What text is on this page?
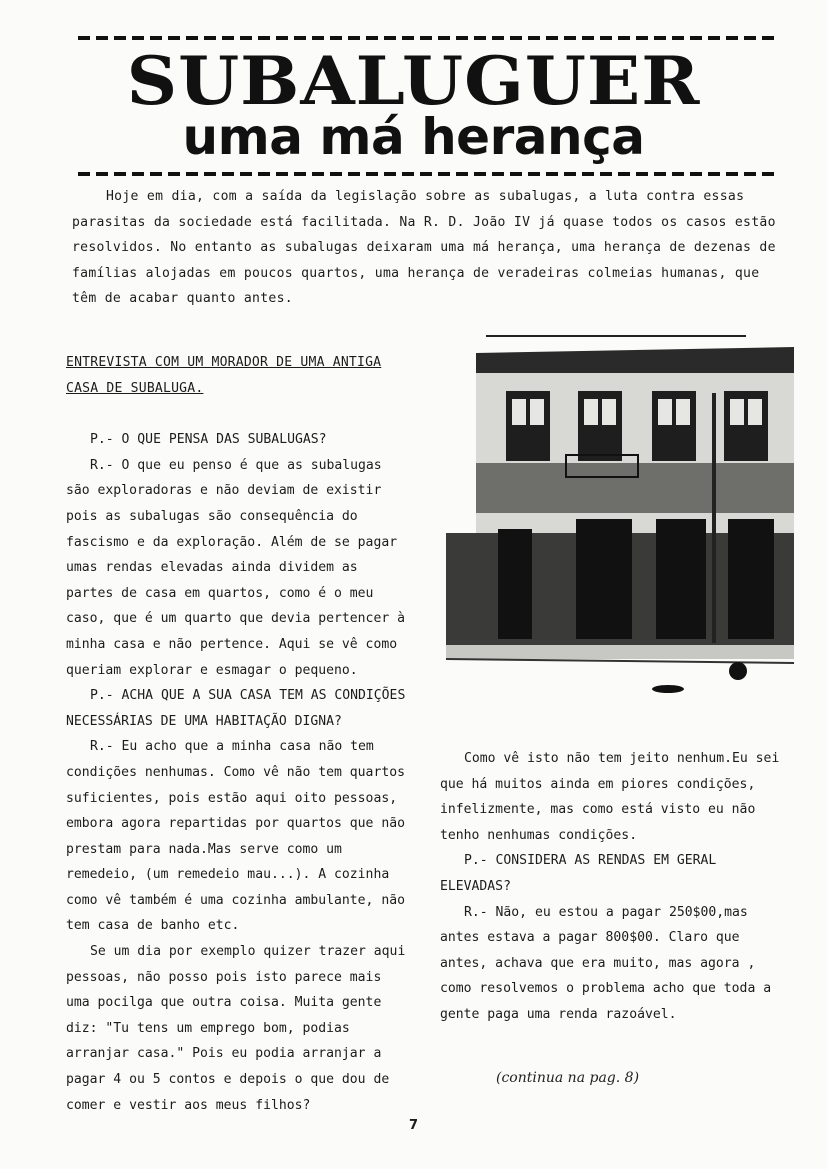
SUBALUGUER
uma má herança

Hoje em dia, com a saída da legislação sobre as subalugas, a luta contra essas parasitas da sociedade está facilitada. Na R. D. João IV já quase todos os casos estão resolvidos. No entanto as subalugas deixaram uma má herança, uma herança de dezenas de famílias alojadas em poucos quartos, uma herança de veradeiras colmeias humanas, que têm de acabar quanto antes.

ENTREVISTA COM UM MORADOR DE UMA ANTIGA CASA DE SUBALUGA.

P.- O QUE PENSA DAS SUBALUGAS?

R.- O que eu penso é que as subalugas são exploradoras e não deviam de existir pois as subalugas são consequência do fascismo e da exploração. Além de se pagar umas rendas elevadas ainda dividem as partes de casa em quartos, como é o meu caso, que é um quarto que devia pertencer à minha casa e não pertence. Aqui se vê como queriam explorar e esmagar o pequeno.

P.- ACHA QUE A SUA CASA TEM AS CONDIÇÕES NECESSÁRIAS DE UMA HABITAÇÃO DIGNA?

R.- Eu acho que a minha casa não tem condições nenhumas. Como vê não tem quartos suficientes, pois estão aqui oito pessoas, embora agora repartidas por quartos que não prestam para nada.Mas serve como um remedeio, (um remedeio mau...). A cozinha como vê também é uma cozinha ambulante, não tem casa de banho etc.

Se um dia por exemplo quizer trazer aqui pessoas, não posso pois isto parece mais uma pocilga que outra coisa. Muita gente diz: "Tu tens um emprego bom, podias arranjar casa." Pois eu podia arranjar a pagar 4 ou 5 contos e depois o que dou de comer e vestir aos meus filhos?

Como vê isto não tem jeito nenhum.Eu sei que há muitos ainda em piores condições, infelizmente, mas como está visto eu não tenho nenhumas condições.

P.- CONSIDERA AS RENDAS EM GERAL ELEVADAS?

R.- Não, eu estou a pagar 250$00,mas antes estava a pagar 800$00. Claro que antes, achava que era muito, mas agora , como resolvemos o problema acho que toda a gente paga uma renda razoável.

(continua na pag. 8)
7
